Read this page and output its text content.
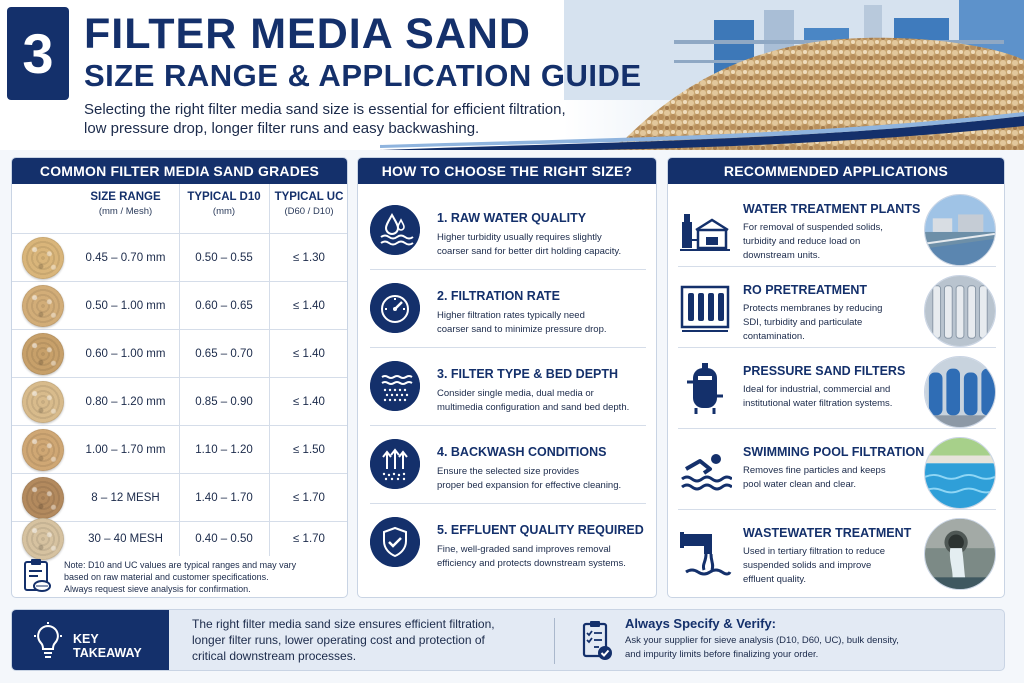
3 FILTER MEDIA SAND
SIZE RANGE & APPLICATION GUIDE
Selecting the right filter media sand size is essential for efficient filtration,
low pressure drop, longer filter runs and easy backwashing.
COMMON FILTER MEDIA SAND GRADES
SIZE RANGE
(mm / Mesh)
TYPICAL D10
(mm)
TYPICAL UC
(D60 / D10)
0.45 – 0.70 mm	0.50 – 0.55	≤ 1.30
0.50 – 1.00 mm	0.60 – 0.65	≤ 1.40
0.60 – 1.00 mm	0.65 – 0.70	≤ 1.40
0.80 – 1.20 mm	0.85 – 0.90	≤ 1.40
1.00 – 1.70 mm	1.10 – 1.20	≤ 1.50
8 – 12 MESH	1.40 – 1.70	≤ 1.70
30 – 40 MESH	0.40 – 0.50	≤ 1.70
Note: D10 and UC values are typical ranges and may vary
based on raw material and customer specifications.
Always request sieve analysis for confirmation.
HOW TO CHOOSE THE RIGHT SIZE?
1. RAW WATER QUALITY
Higher turbidity usually requires slightly
coarser sand for better dirt holding capacity.
2. FILTRATION RATE
Higher filtration rates typically need
coarser sand to minimize pressure drop.
3. FILTER TYPE & BED DEPTH
Consider single media, dual media or
multimedia configuration and sand bed depth.
4. BACKWASH CONDITIONS
Ensure the selected size provides
proper bed expansion for effective cleaning.
5. EFFLUENT QUALITY REQUIRED
Fine, well-graded sand improves removal
efficiency and protects downstream systems.
RECOMMENDED APPLICATIONS
WATER TREATMENT PLANTS
For removal of suspended solids,
turbidity and reduce load on
downstream units.
RO PRETREATMENT
Protects membranes by reducing
SDI, turbidity and particulate
contamination.
PRESSURE SAND FILTERS
Ideal for industrial, commercial and
institutional water filtration systems.
SWIMMING POOL FILTRATION
Removes fine particles and keeps
pool water clean and clear.
WASTEWATER TREATMENT
Used in tertiary filtration to reduce
suspended solids and improve
effluent quality.
KEY TAKEAWAY
The right filter media sand size ensures efficient filtration,
longer filter runs, lower operating cost and protection of
critical downstream processes.
Always Specify & Verify:
Ask your supplier for sieve analysis (D10, D60, UC), bulk density,
and impurity limits before finalizing your order.
